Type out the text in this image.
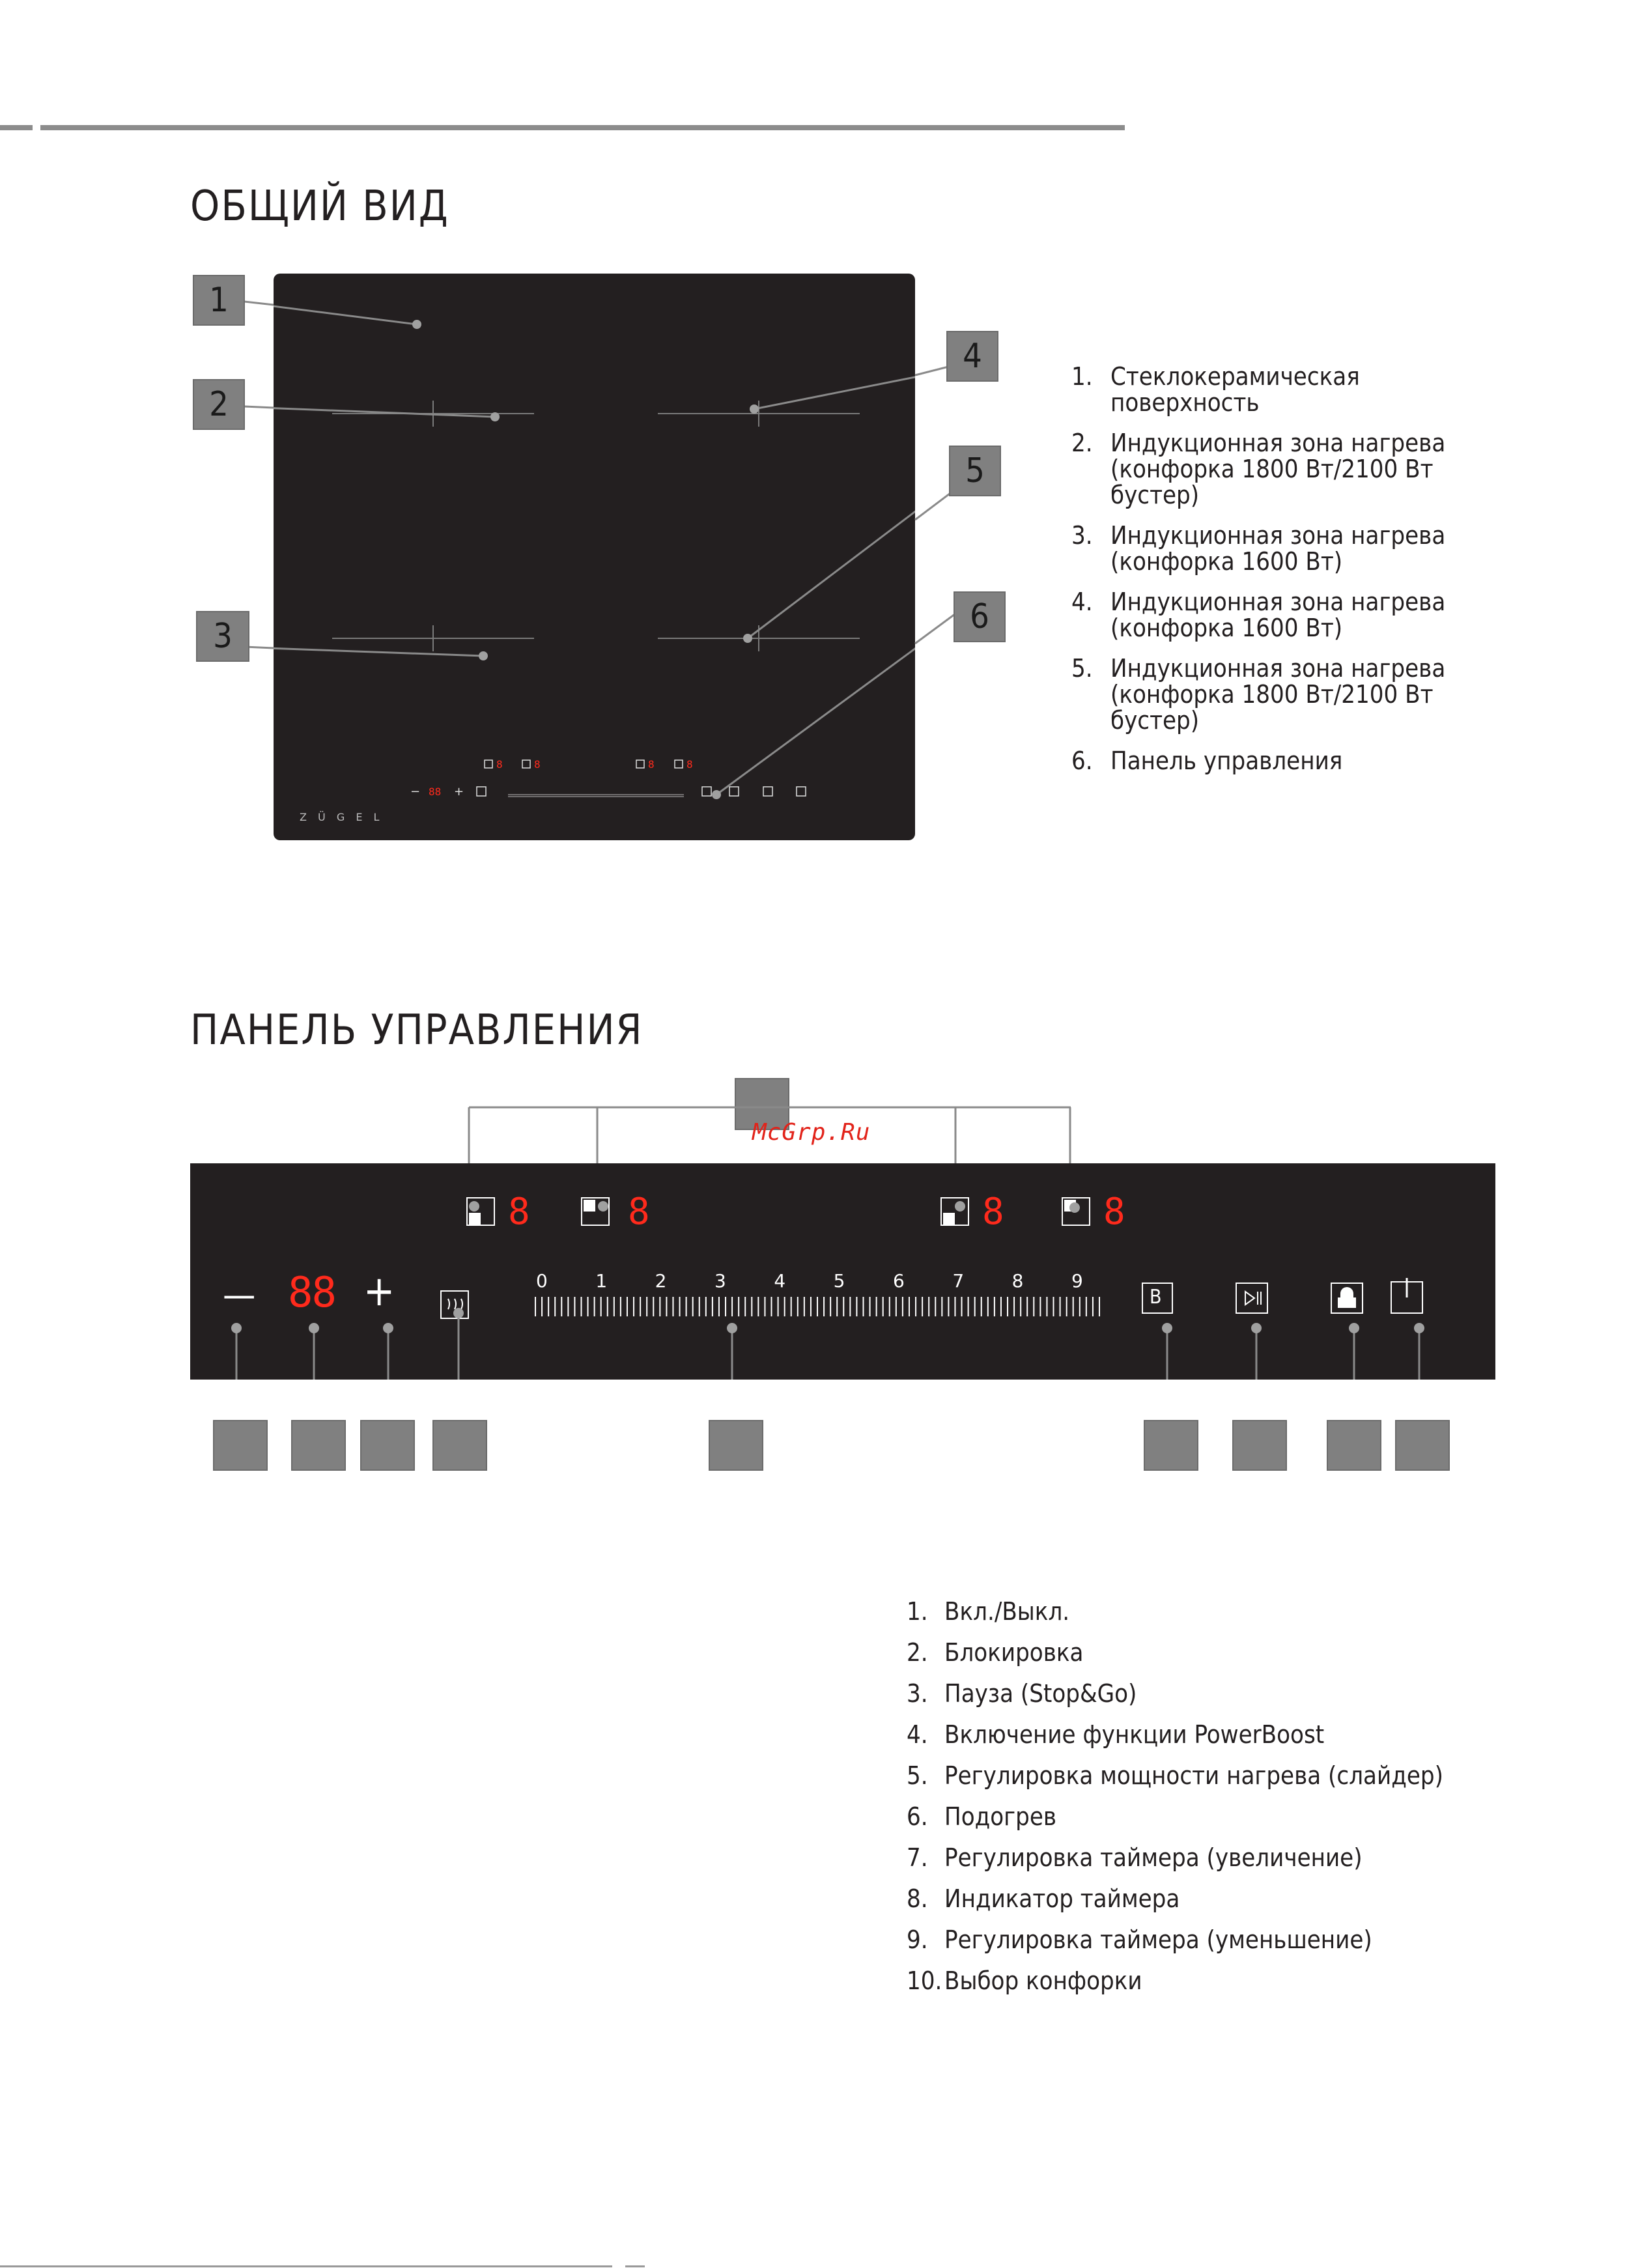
ОБЩИЙ ВИД
8	8	8	8
88
−	+
Z Ü G E L
1
2
3
4
5
6
1. Стеклокерамическая поверхность
2. Индукционная зона нагрева (конфорка 1800 Вт/2100 Вт бустер)
3. Индукционная зона нагрева (конфорка 1600 Вт)
4. Индукционная зона нагрева (конфорка 1600 Вт)
5. Индукционная зона нагрева (конфорка 1800 Вт/2100 Вт бустер)
6. Панель управления
ПАНЕЛЬ УПРАВЛЕНИЯ
McGrp.Ru
8	8	8	8
— 88 +	B
0	1	2	3	4	5	6	7	8	9
1. Вкл./Выкл.
2. Блокировка
3. Пауза (Stop&Go)
4. Включение функции PowerBoost
5. Регулировка мощности нагрева (слайдер)
6. Подогрев
7. Регулировка таймера (увеличение)
8. Индикатор таймера
9. Регулировка таймера (уменьшение)
10. Выбор конфорки
